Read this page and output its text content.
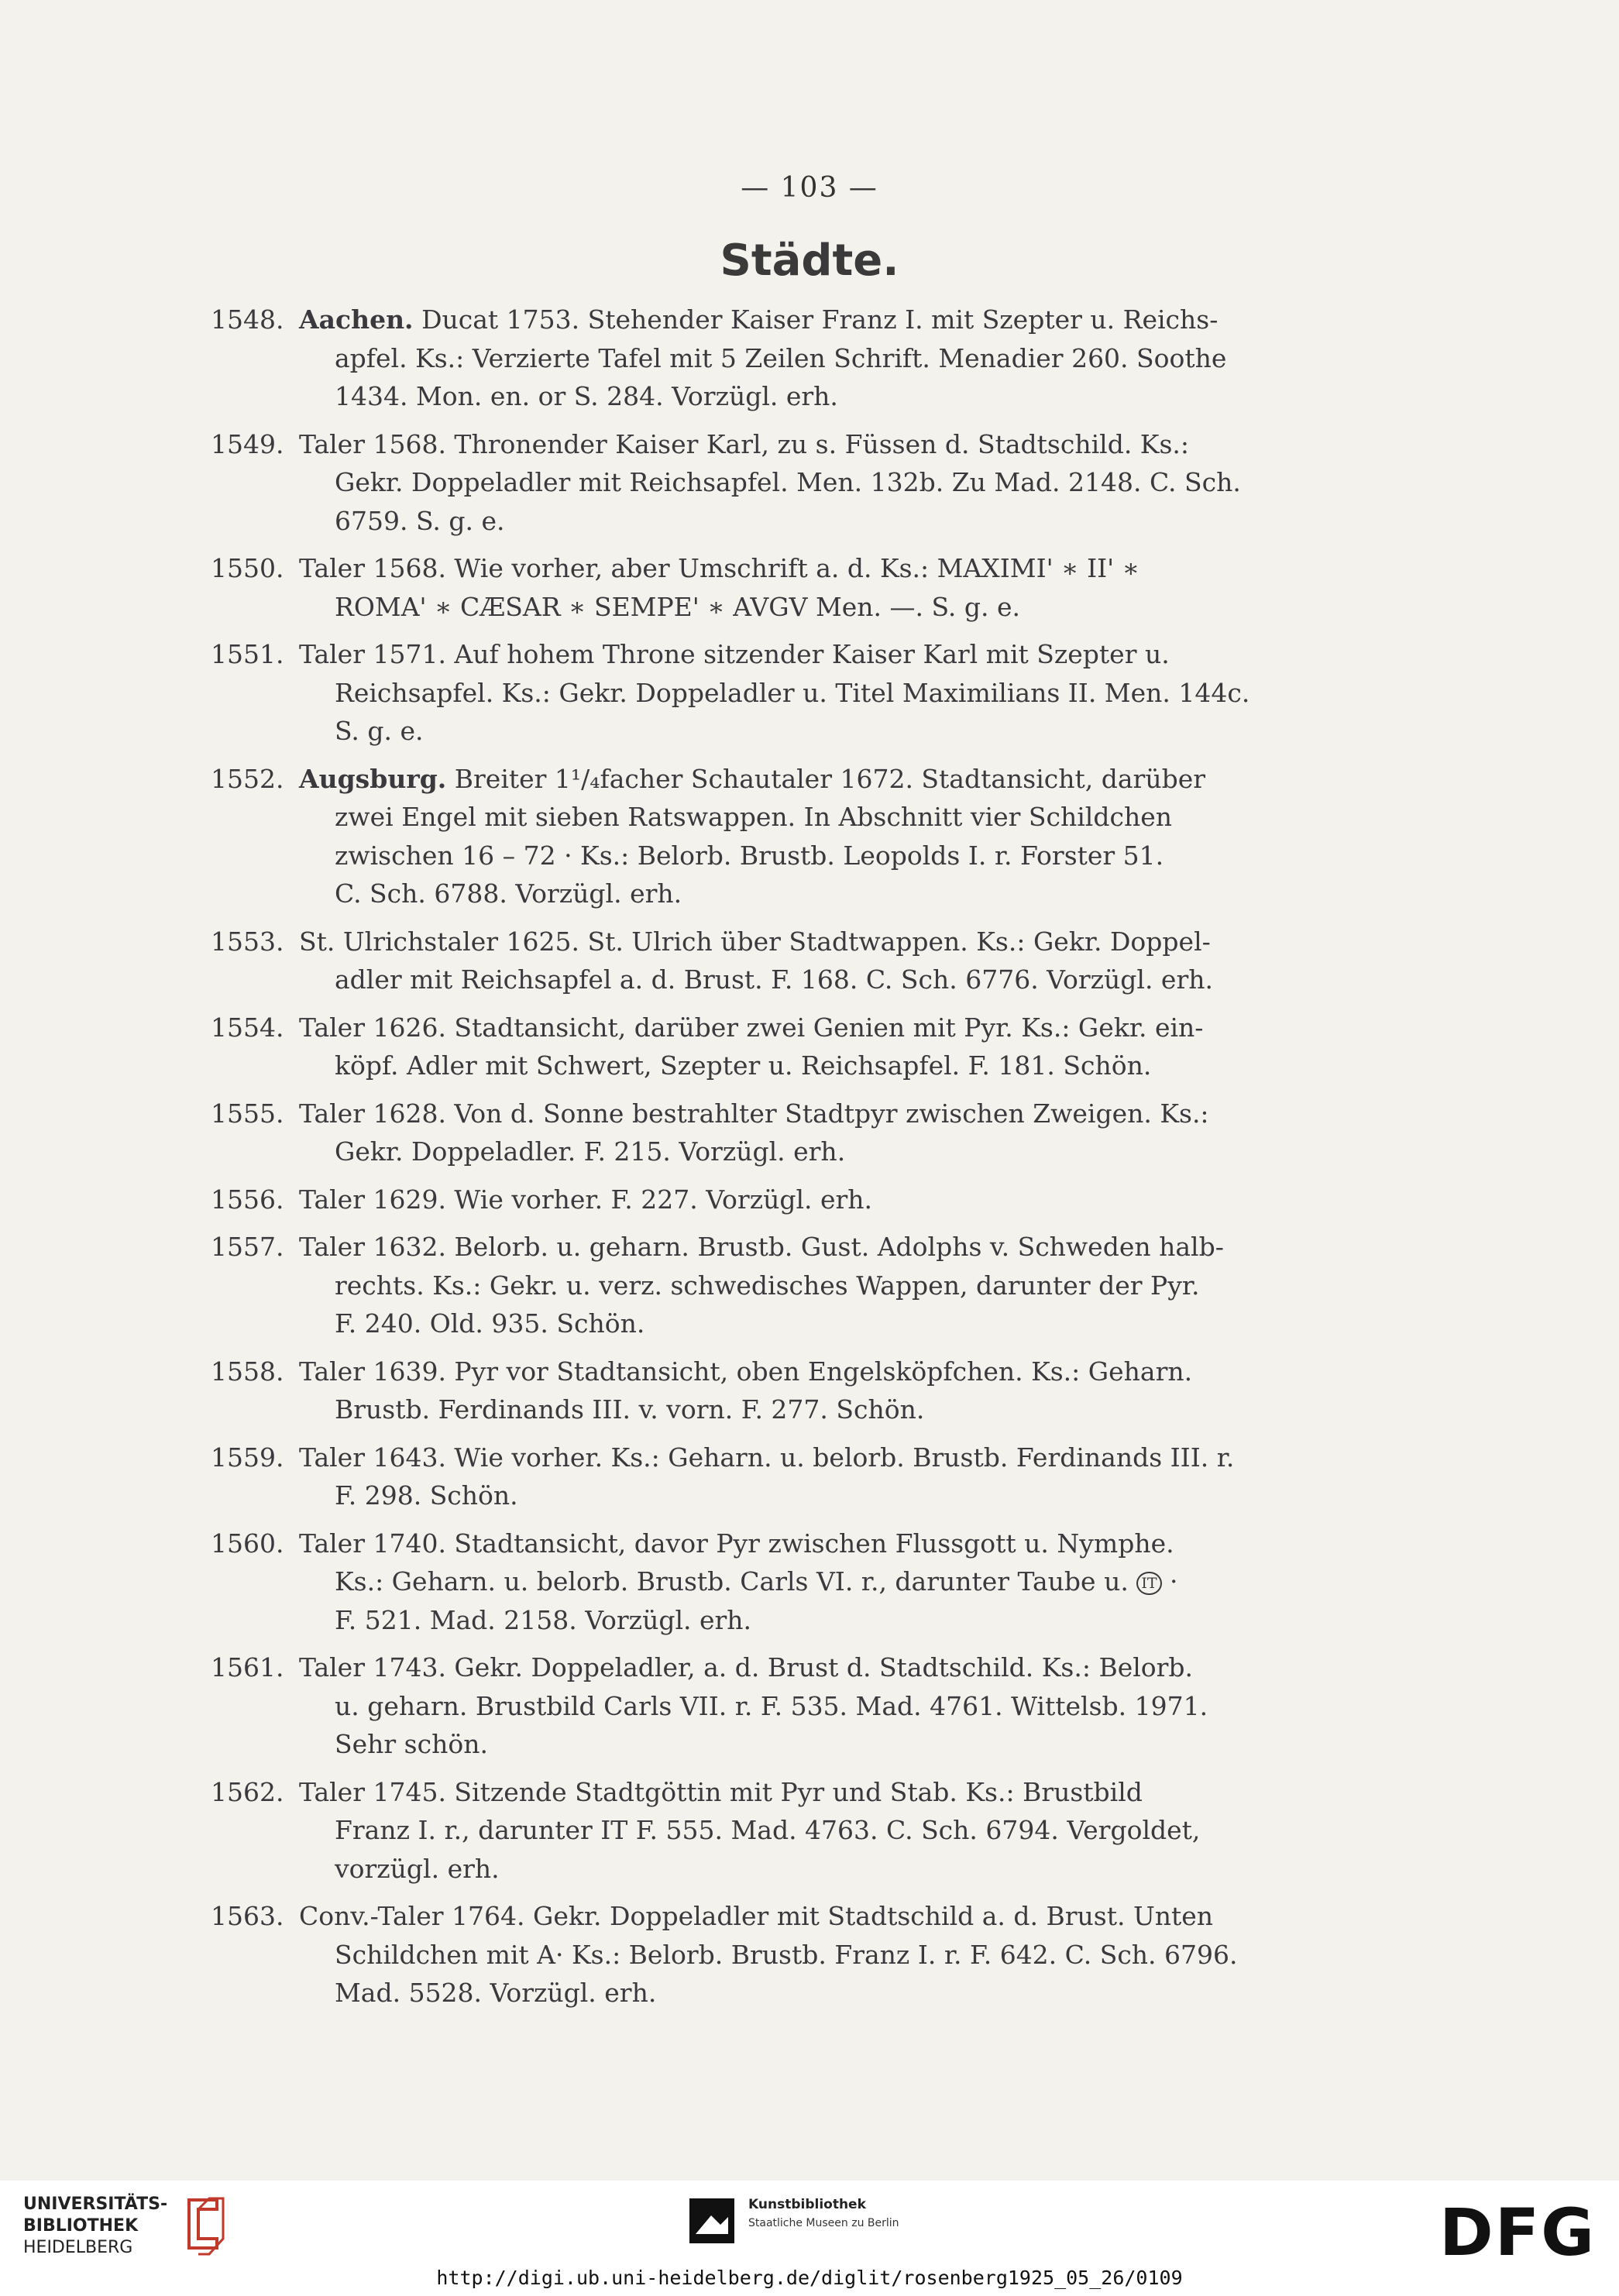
— 103 —
Städte.
1548. Aachen. Ducat 1753. Stehender Kaiser Franz I. mit Szepter u. Reichs-
apfel. Ks.: Verzierte Tafel mit 5 Zeilen Schrift. Menadier 260. Soothe
1434. Mon. en. or S. 284. Vorzügl. erh.
1549. Taler 1568. Thronender Kaiser Karl, zu s. Füssen d. Stadtschild. Ks.:
Gekr. Doppeladler mit Reichsapfel. Men. 132b. Zu Mad. 2148. C. Sch.
6759. S. g. e.
1550. Taler 1568. Wie vorher, aber Umschrift a. d. Ks.: MAXIMI' ∗ II' ∗
ROMA' ∗ CÆSAR ∗ SEMPE' ∗ AVGV Men. —. S. g. e.
1551. Taler 1571. Auf hohem Throne sitzender Kaiser Karl mit Szepter u.
Reichsapfel. Ks.: Gekr. Doppeladler u. Titel Maximilians II. Men. 144c.
S. g. e.
1552. Augsburg. Breiter 1¹/₄facher Schautaler 1672. Stadtansicht, darüber
zwei Engel mit sieben Ratswappen. In Abschnitt vier Schildchen
zwischen 16 – 72 · Ks.: Belorb. Brustb. Leopolds I. r. Forster 51.
C. Sch. 6788. Vorzügl. erh.
1553. St. Ulrichstaler 1625. St. Ulrich über Stadtwappen. Ks.: Gekr. Doppel-
adler mit Reichsapfel a. d. Brust. F. 168. C. Sch. 6776. Vorzügl. erh.
1554. Taler 1626. Stadtansicht, darüber zwei Genien mit Pyr. Ks.: Gekr. ein-
köpf. Adler mit Schwert, Szepter u. Reichsapfel. F. 181. Schön.
1555. Taler 1628. Von d. Sonne bestrahlter Stadtpyr zwischen Zweigen. Ks.:
Gekr. Doppeladler. F. 215. Vorzügl. erh.
1556. Taler 1629. Wie vorher. F. 227. Vorzügl. erh.
1557. Taler 1632. Belorb. u. geharn. Brustb. Gust. Adolphs v. Schweden halb-
rechts. Ks.: Gekr. u. verz. schwedisches Wappen, darunter der Pyr.
F. 240. Old. 935. Schön.
1558. Taler 1639. Pyr vor Stadtansicht, oben Engelsköpfchen. Ks.: Geharn.
Brustb. Ferdinands III. v. vorn. F. 277. Schön.
1559. Taler 1643. Wie vorher. Ks.: Geharn. u. belorb. Brustb. Ferdinands III. r.
F. 298. Schön.
1560. Taler 1740. Stadtansicht, davor Pyr zwischen Flussgott u. Nymphe.
Ks.: Geharn. u. belorb. Brustb. Carls VI. r., darunter Taube u. IT ·
F. 521. Mad. 2158. Vorzügl. erh.
1561. Taler 1743. Gekr. Doppeladler, a. d. Brust d. Stadtschild. Ks.: Belorb.
u. geharn. Brustbild Carls VII. r. F. 535. Mad. 4761. Wittelsb. 1971.
Sehr schön.
1562. Taler 1745. Sitzende Stadtgöttin mit Pyr und Stab. Ks.: Brustbild
Franz I. r., darunter IT F. 555. Mad. 4763. C. Sch. 6794. Vergoldet,
vorzügl. erh.
1563. Conv.-Taler 1764. Gekr. Doppeladler mit Stadtschild a. d. Brust. Unten
Schildchen mit A· Ks.: Belorb. Brustb. Franz I. r. F. 642. C. Sch. 6796.
Mad. 5528. Vorzügl. erh.
UNIVERSITÄTS-
BIBLIOTHEK
HEIDELBERG
Kunstbibliothek
Staatliche Museen zu Berlin	DFG
http://digi.ub.uni-heidelberg.de/diglit/rosenberg1925_05_26/0109
